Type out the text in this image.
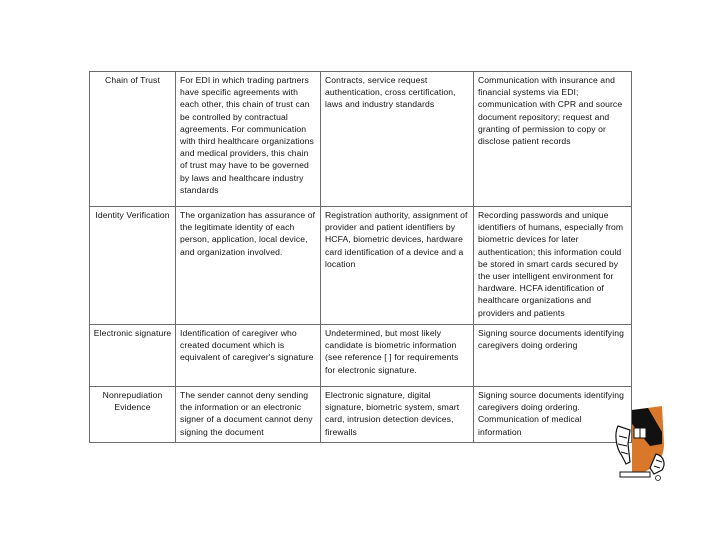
Chain of Trust	For EDI in which trading partners have specific agreements with each other, this chain of trust can be controlled by contractual agreements. For communication with third healthcare organizations and medical providers, this chain of trust may have to be governed by laws and healthcare industry standards	Contracts, service request authentication, cross certification, laws and industry standards	Communication with insurance and financial systems via EDI; communication with CPR and source document repository; request and granting of permission to copy or disclose patient records
Identity Verification	The organization has assurance of the legitimate identity of each person, application, local device, and organization involved.	Registration authority, assignment of provider and patient identifiers by HCFA, biometric devices, hardware card identification of a device and a location	Recording passwords and unique identifiers of humans, especially from biometric devices for later authentication; this information could be stored in smart cards secured by the user intelligent environment for hardware. HCFA identification of healthcare organizations and providers and patients
Electronic signature	Identification of caregiver who created document which is equivalent of caregiver's signature	Undetermined, but most likely candidate is biometric information (see reference [ ] for requirements for electronic signature.	Signing source documents identifying caregivers doing ordering
Nonrepudiation Evidence	The sender cannot deny sending the information or an electronic signer of a document cannot deny signing the document	Electronic signature, digital signature, biometric system, smart card, intrusion detection devices, firewalls	Signing source documents identifying caregivers doing ordering. Communication of medical information
